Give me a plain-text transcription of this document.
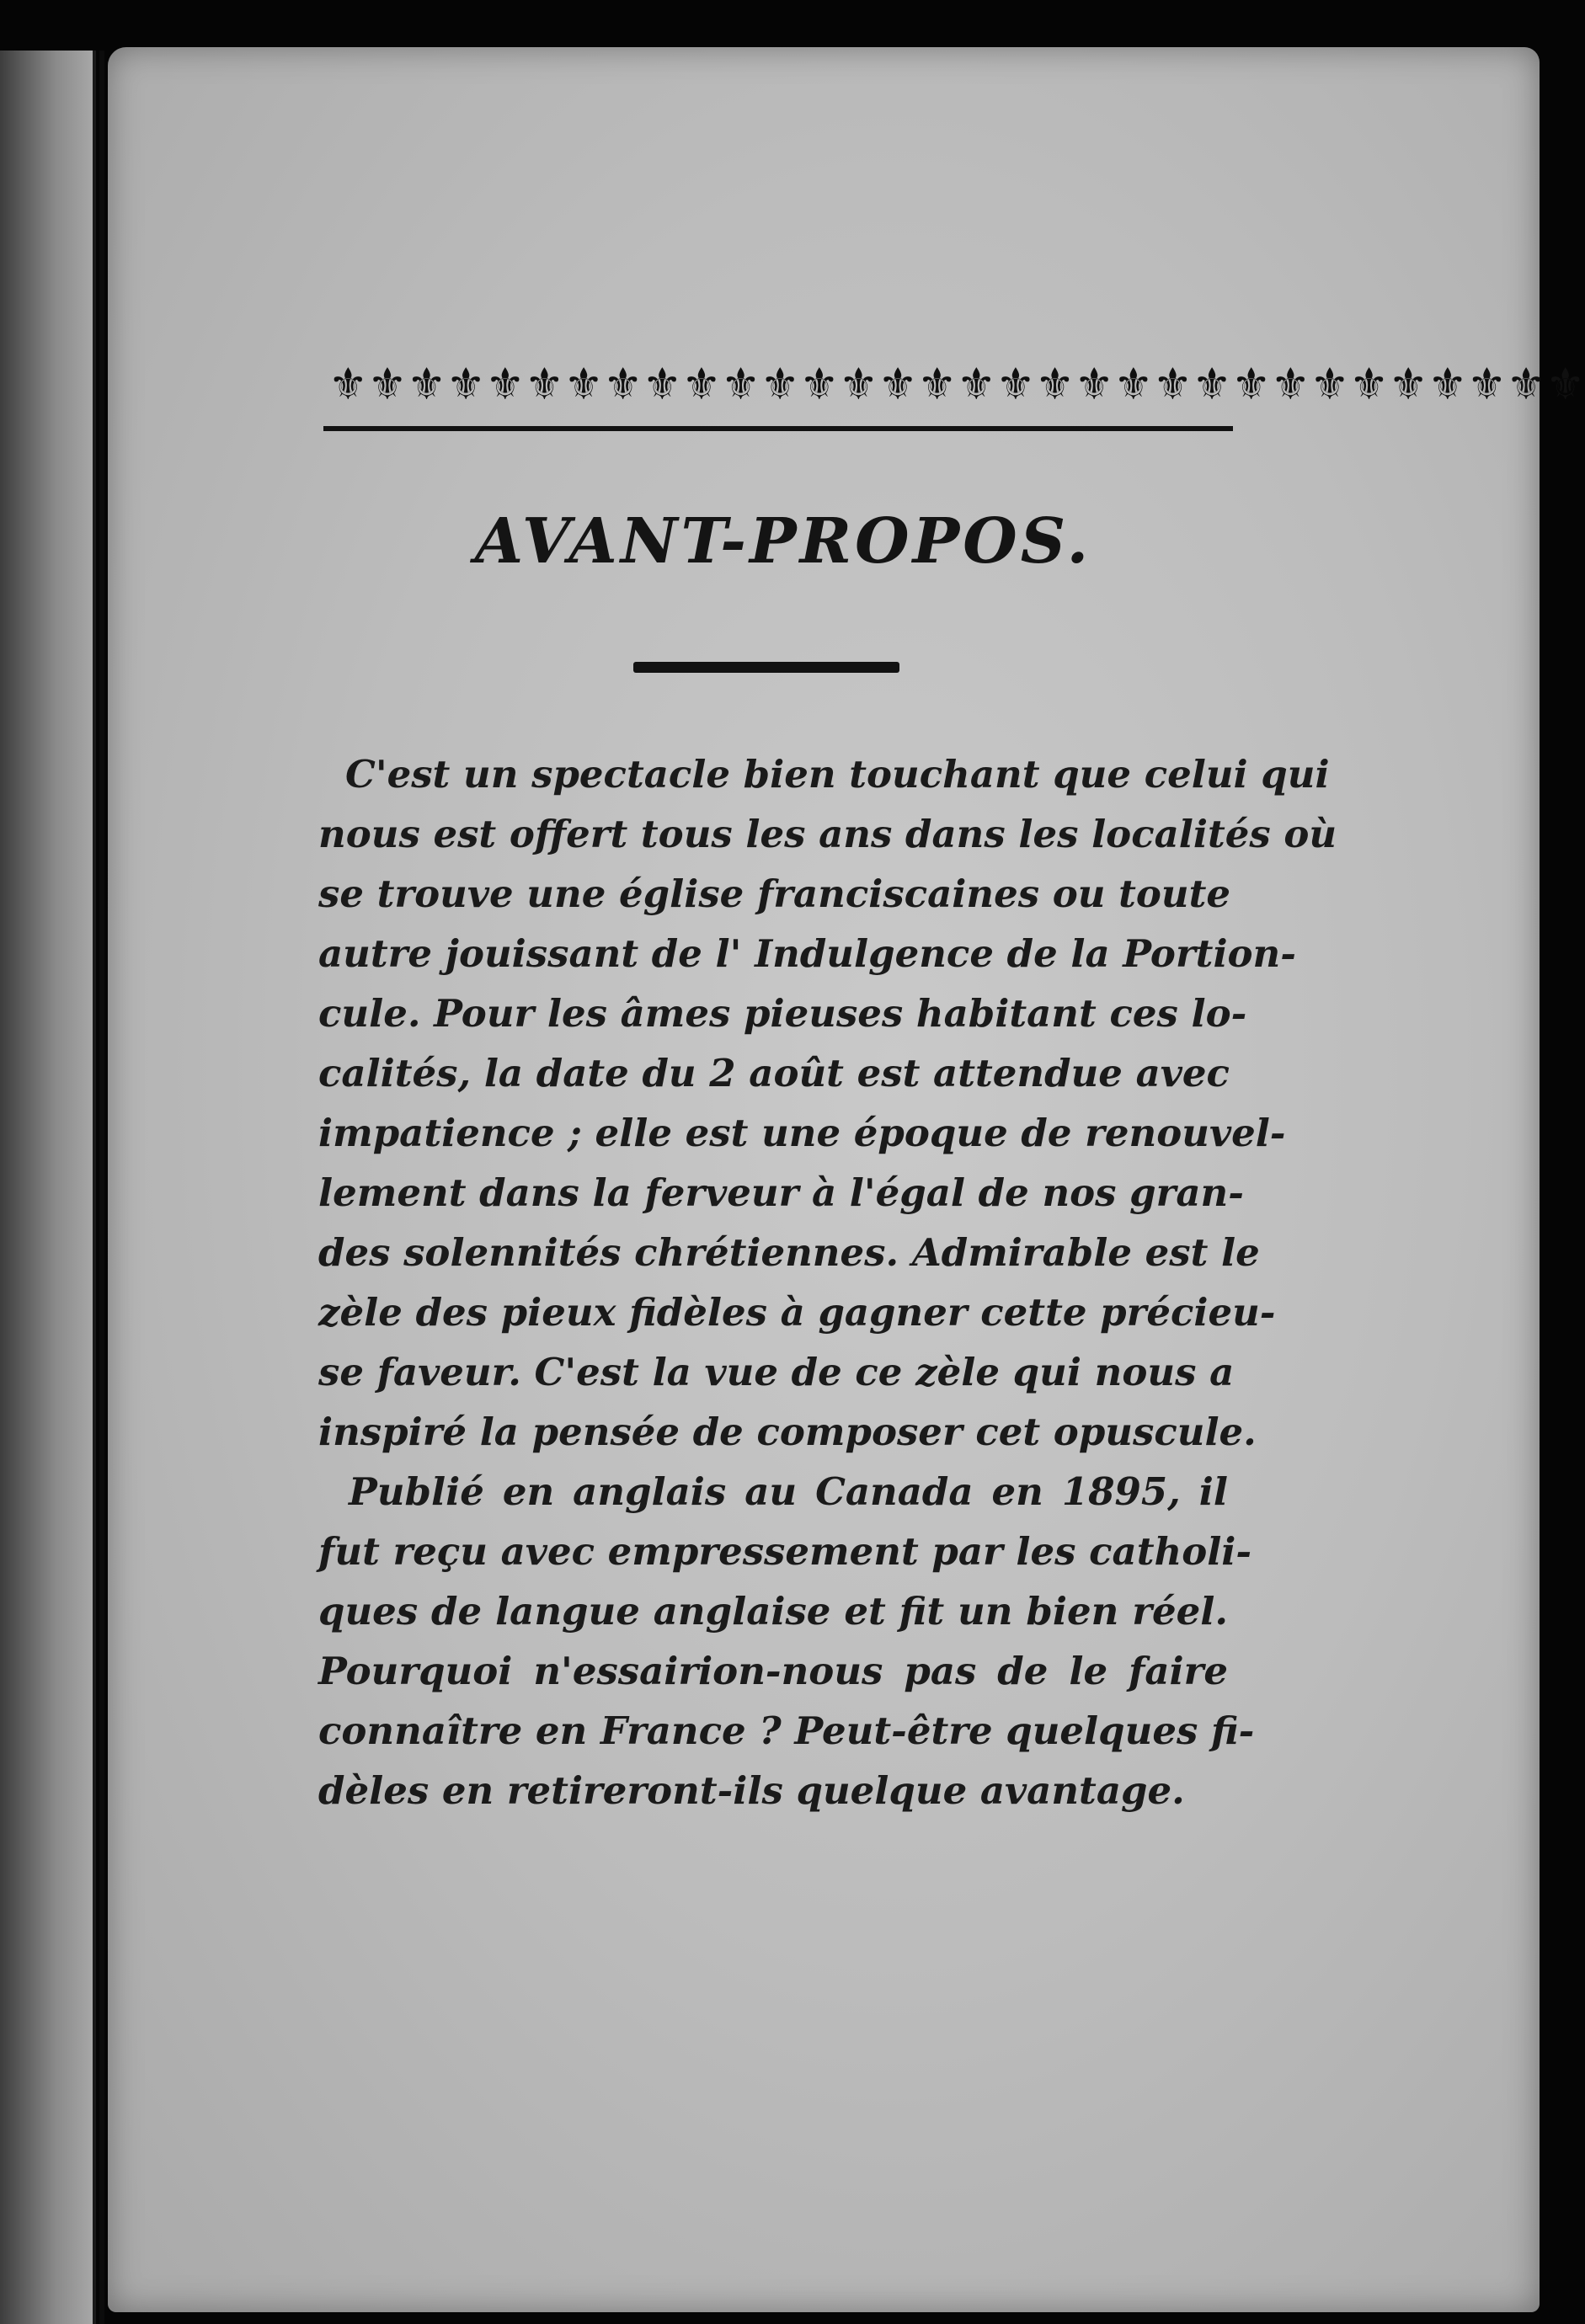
⚜ ⚜ ⚜ ⚜ ⚜ ⚜ ⚜ ⚜ ⚜ ⚜ ⚜ ⚜ ⚜ ⚜ ⚜ ⚜ ⚜ ⚜ ⚜ ⚜ ⚜ ⚜ ⚜ ⚜ ⚜ ⚜ ⚜ ⚜ ⚜ ⚜ ⚜ ⚜
AVANT-PROPOS.
C'est un spectacle bien touchant que celui qui
nous est offert tous les ans dans les localités où
se trouve une église franciscaines ou toute
autre jouissant de l' Indulgence de la Portion-
cule. Pour les âmes pieuses habitant ces lo-
calités, la date du 2 août est attendue avec
impatience ; elle est une époque de renouvel-
lement dans la ferveur à l'égal de nos gran-
des solennités chrétiennes. Admirable est le
zèle des pieux fidèles à gagner cette précieu-
se faveur. C'est la vue de ce zèle qui nous a
inspiré la pensée de composer cet opuscule.
Publié en anglais au Canada en 1895, il
fut reçu avec empressement par les catholi-
ques de langue anglaise et fit un bien réel.
Pourquoi n'essairion-nous pas de le faire
connaître en France ? Peut-être quelques fi-
dèles en retireront-ils quelque avantage.
